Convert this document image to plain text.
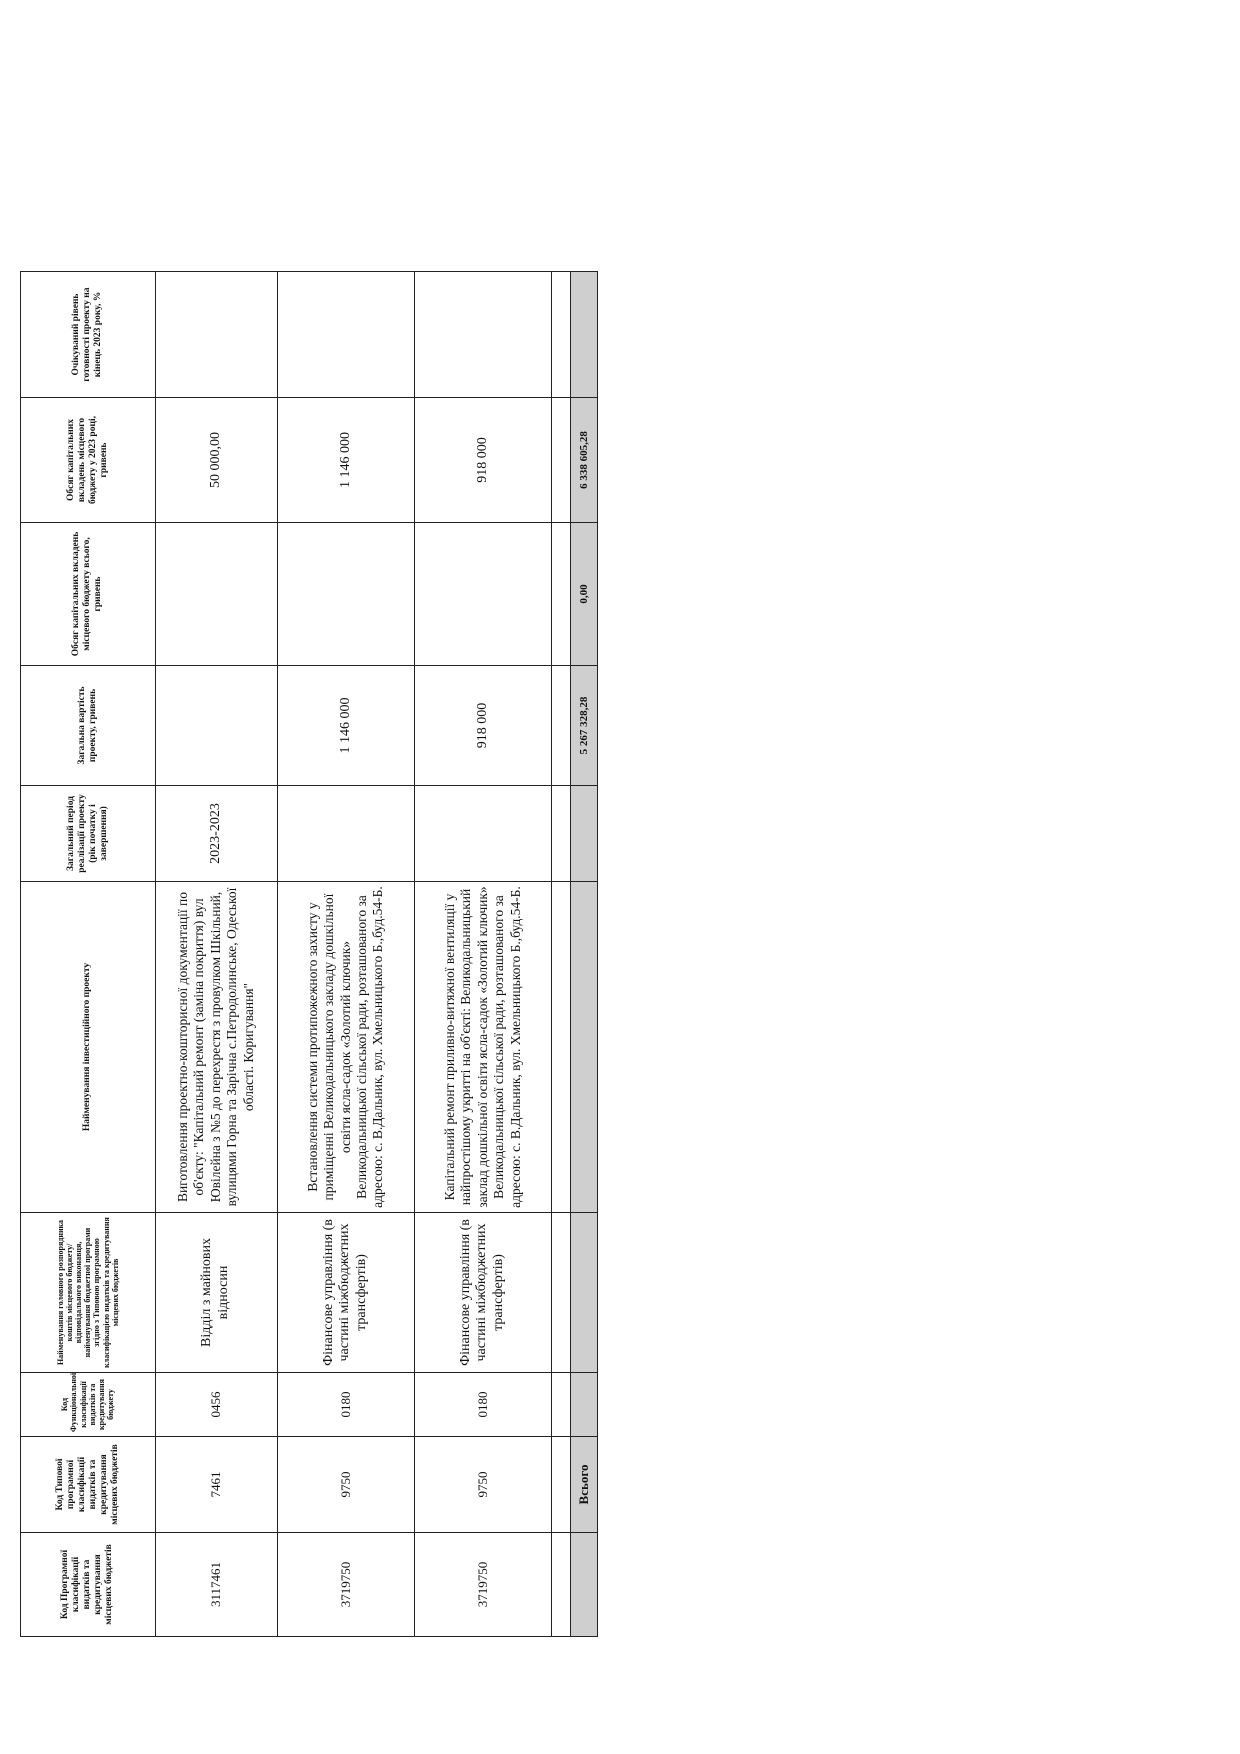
Код Програмної класифікації видатків та кредитування місцевих бюджетів	Код Типової програмної класифікації видатків та кредитування місцевих бюджетів	Код Функціональної класифікації видатків та кредитування бюджету	Найменування головного розпорядника коштів місцевого бюджету/відповідального виконавця, найменування бюджетної програми згідно з Типовою програмною класифікацією видатків та кредитування місцевих бюджетів	Найменування інвестиційного проекту	Загальний період реалізації проекту (рік початку і завершення)	Загальна вартість проекту, гривень	Обсяг капітальних вкладень місцевого бюджету всього, гривень	Обсяг капітальних вкладень місцевого бюджету у 2023 році, гривень	Очікуваний рівень готовності проекту на кінець 2023 року, %
3117461	7461	0456	Відділ з майнових відносин	Виготовлення проектно-кошторисної документації по об'єкту: "Капітальний ремонт (заміна покриття) вул Ювілейна з №5 до перехрестя з провулком Шкільний, вулицями Горна та Зарічна с.Петродолинське, Одеської області. Коригування"	2023-2023			50 000,00	
3719750	9750	0180	Фінансове управління (в частині міжбюджетних трансфертів)	Встановлення системи протипожежного захисту у приміщенні Великодальницького закладу дошкільної освіти ясла-садок «Золотий ключик» Великодальницької сільської ради, розташованого за адресою: с. В.Дальник, вул. Хмельницького Б.,буд.54-Б.		1 146 000		1 146 000	
3719750	9750	0180	Фінансове управління (в частині міжбюджетних трансфертів)	Капітальний ремонт приливно-витяжної вентиляції у найпростішому укритті на об'єкті: Великодальницький заклад дошкільної освіти ясла-садок «Золотий ключик» Великодальницької сільської ради, розташованого за адресою: с. В.Дальник, вул. Хмельницького Б.,буд.54-Б.		918 000		918 000	

	Всього					5 267 328,28	0,00	6 338 605,28	
